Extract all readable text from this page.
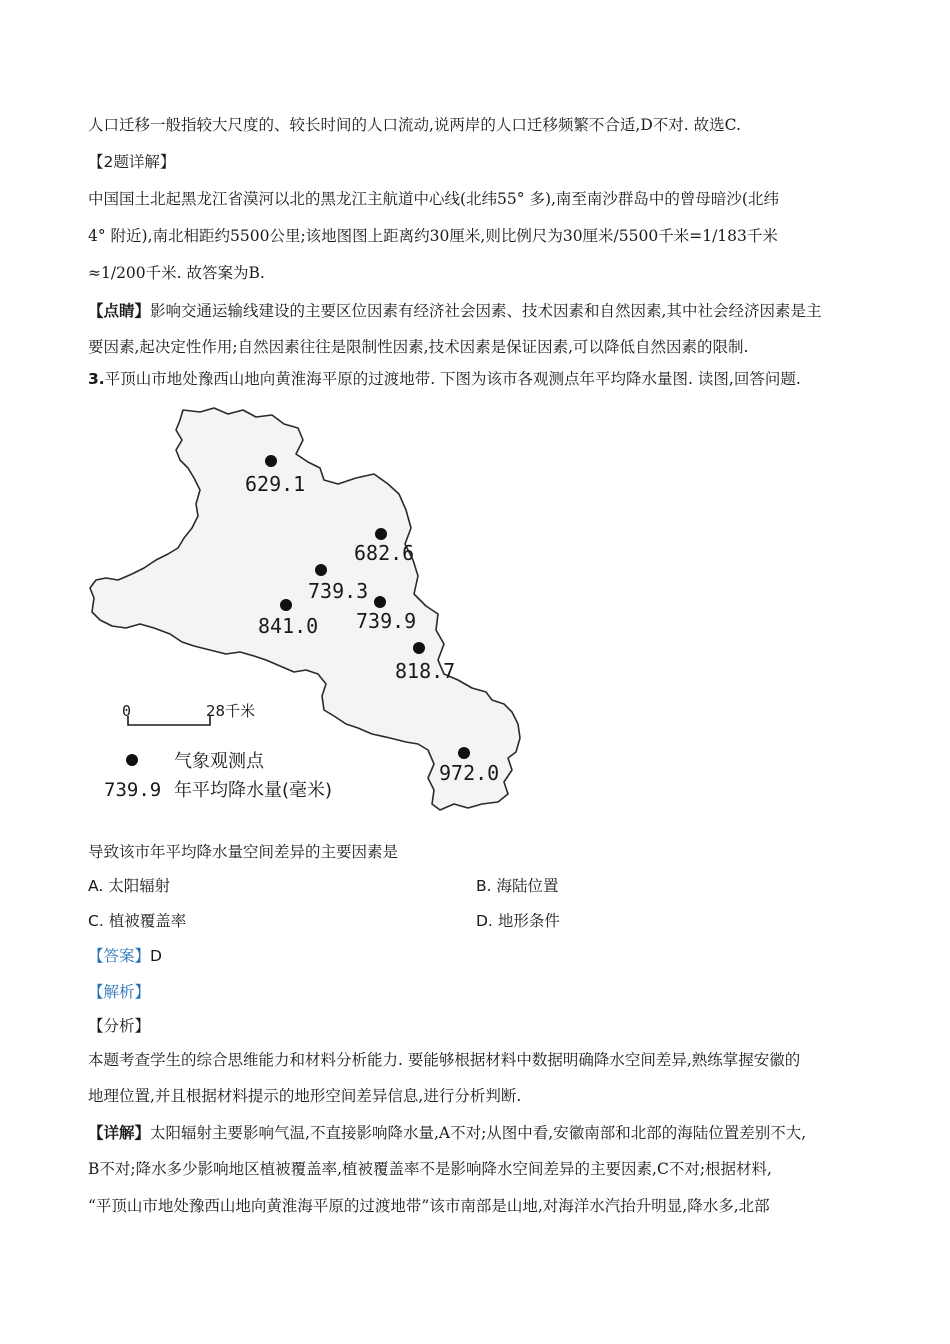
人口迁移一般指较大尺度的、较长时间的人口流动,说两岸的人口迁移频繁不合适,D不对. 故选C.
【2题详解】
中国国土北起黑龙江省漠河以北的黑龙江主航道中心线(北纬55° 多),南至南沙群岛中的曾母暗沙(北纬
4° 附近),南北相距约5500公里;该地图图上距离约30厘米,则比例尺为30厘米/5500千米=1/183千米
≈1/200千米. 故答案为B.
【点睛】影响交通运输线建设的主要区位因素有经济社会因素、技术因素和自然因素,其中社会经济因素是主
要因素,起决定性作用;自然因素往往是限制性因素,技术因素是保证因素,可以降低自然因素的限制.
3.平顶山市地处豫西山地向黄淮海平原的过渡地带. 下图为该市各观测点年平均降水量图. 读图,回答问题.
629.1
682.6
739.3
739.9
841.0
818.7
972.0
0	28千米
气象观测点
739.9 年平均降水量(毫米)
导致该市年平均降水量空间差异的主要因素是
A. 太阳辐射	B. 海陆位置
C. 植被覆盖率	D. 地形条件
【答案】D
【解析】
【分析】
本题考查学生的综合思维能力和材料分析能力. 要能够根据材料中数据明确降水空间差异,熟练掌握安徽的
地理位置,并且根据材料提示的地形空间差异信息,进行分析判断.
【详解】太阳辐射主要影响气温,不直接影响降水量,A不对;从图中看,安徽南部和北部的海陆位置差别不大,
B不对;降水多少影响地区植被覆盖率,植被覆盖率不是影响降水空间差异的主要因素,C不对;根据材料,
“平顶山市地处豫西山地向黄淮海平原的过渡地带”该市南部是山地,对海洋水汽抬升明显,降水多,北部
